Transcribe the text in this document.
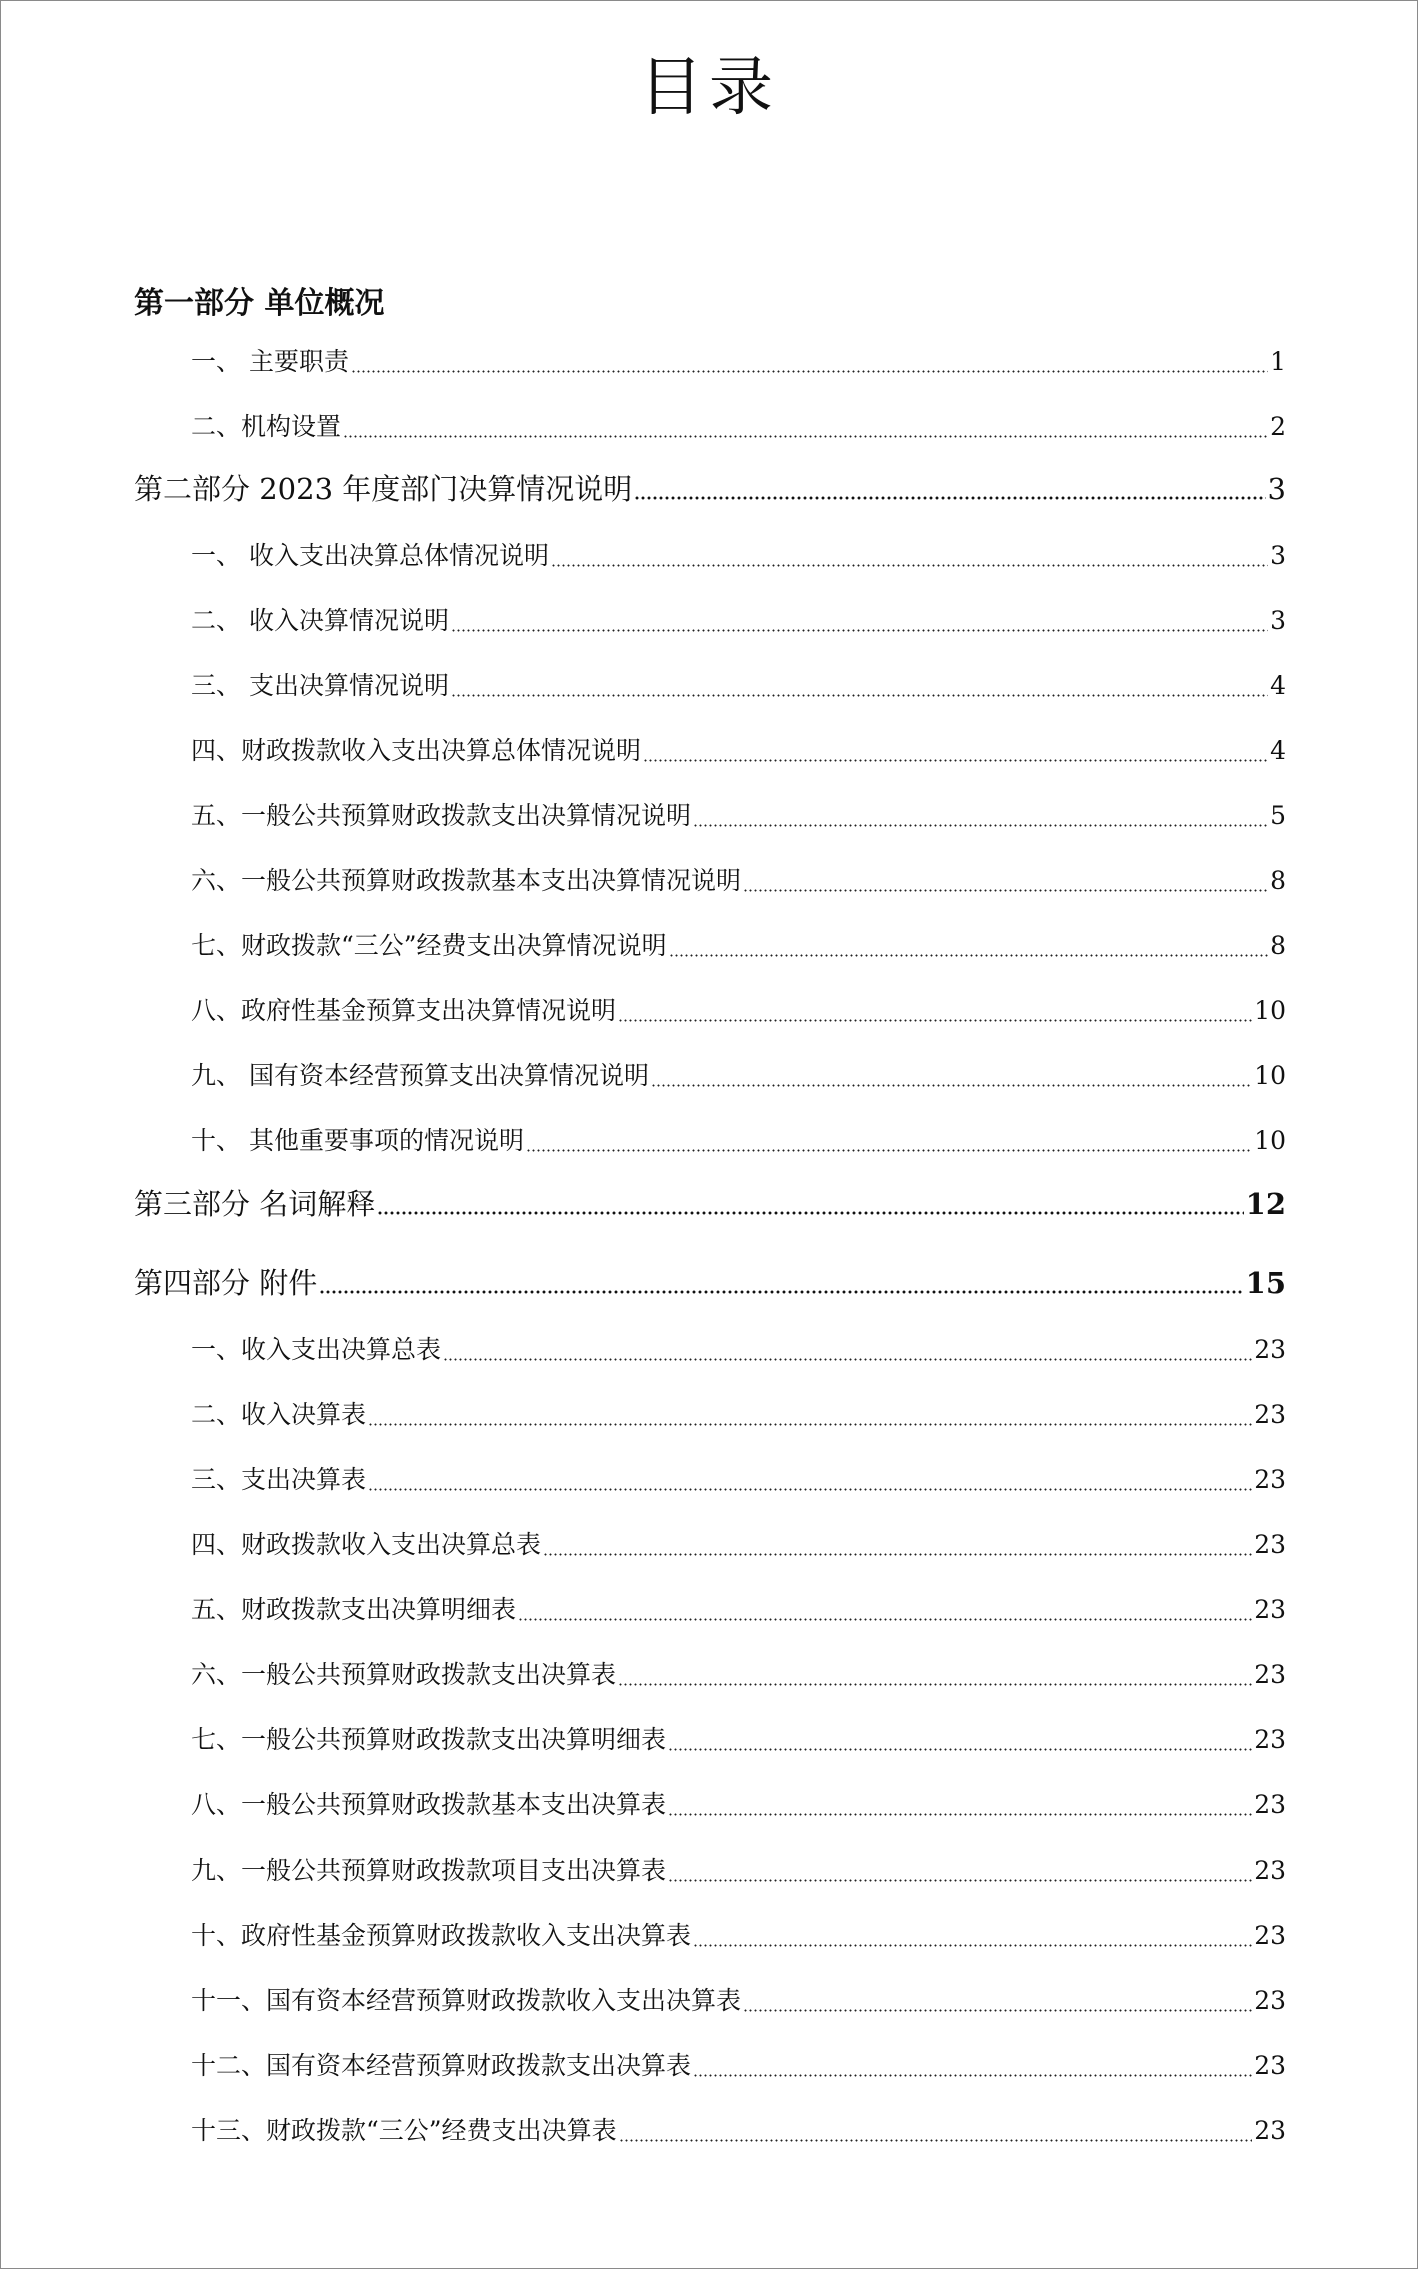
目录
第一部分 单位概况
一、 主要职责	1
二、机构设置	2
第二部分 2023 年度部门决算情况说明	3
一、 收入支出决算总体情况说明	3
二、 收入决算情况说明	3
三、 支出决算情况说明	4
四、财政拨款收入支出决算总体情况说明	4
五、一般公共预算财政拨款支出决算情况说明	5
六、一般公共预算财政拨款基本支出决算情况说明	8
七、财政拨款“三公”经费支出决算情况说明	8
八、政府性基金预算支出决算情况说明	10
九、 国有资本经营预算支出决算情况说明	10
十、 其他重要事项的情况说明	10
第三部分 名词解释	12
第四部分 附件	15
一、收入支出决算总表	23
二、收入决算表	23
三、支出决算表	23
四、财政拨款收入支出决算总表	23
五、财政拨款支出决算明细表	23
六、一般公共预算财政拨款支出决算表	23
七、一般公共预算财政拨款支出决算明细表	23
八、一般公共预算财政拨款基本支出决算表	23
九、一般公共预算财政拨款项目支出决算表	23
十、政府性基金预算财政拨款收入支出决算表	23
十一、国有资本经营预算财政拨款收入支出决算表	23
十二、国有资本经营预算财政拨款支出决算表	23
十三、财政拨款“三公”经费支出决算表	23
